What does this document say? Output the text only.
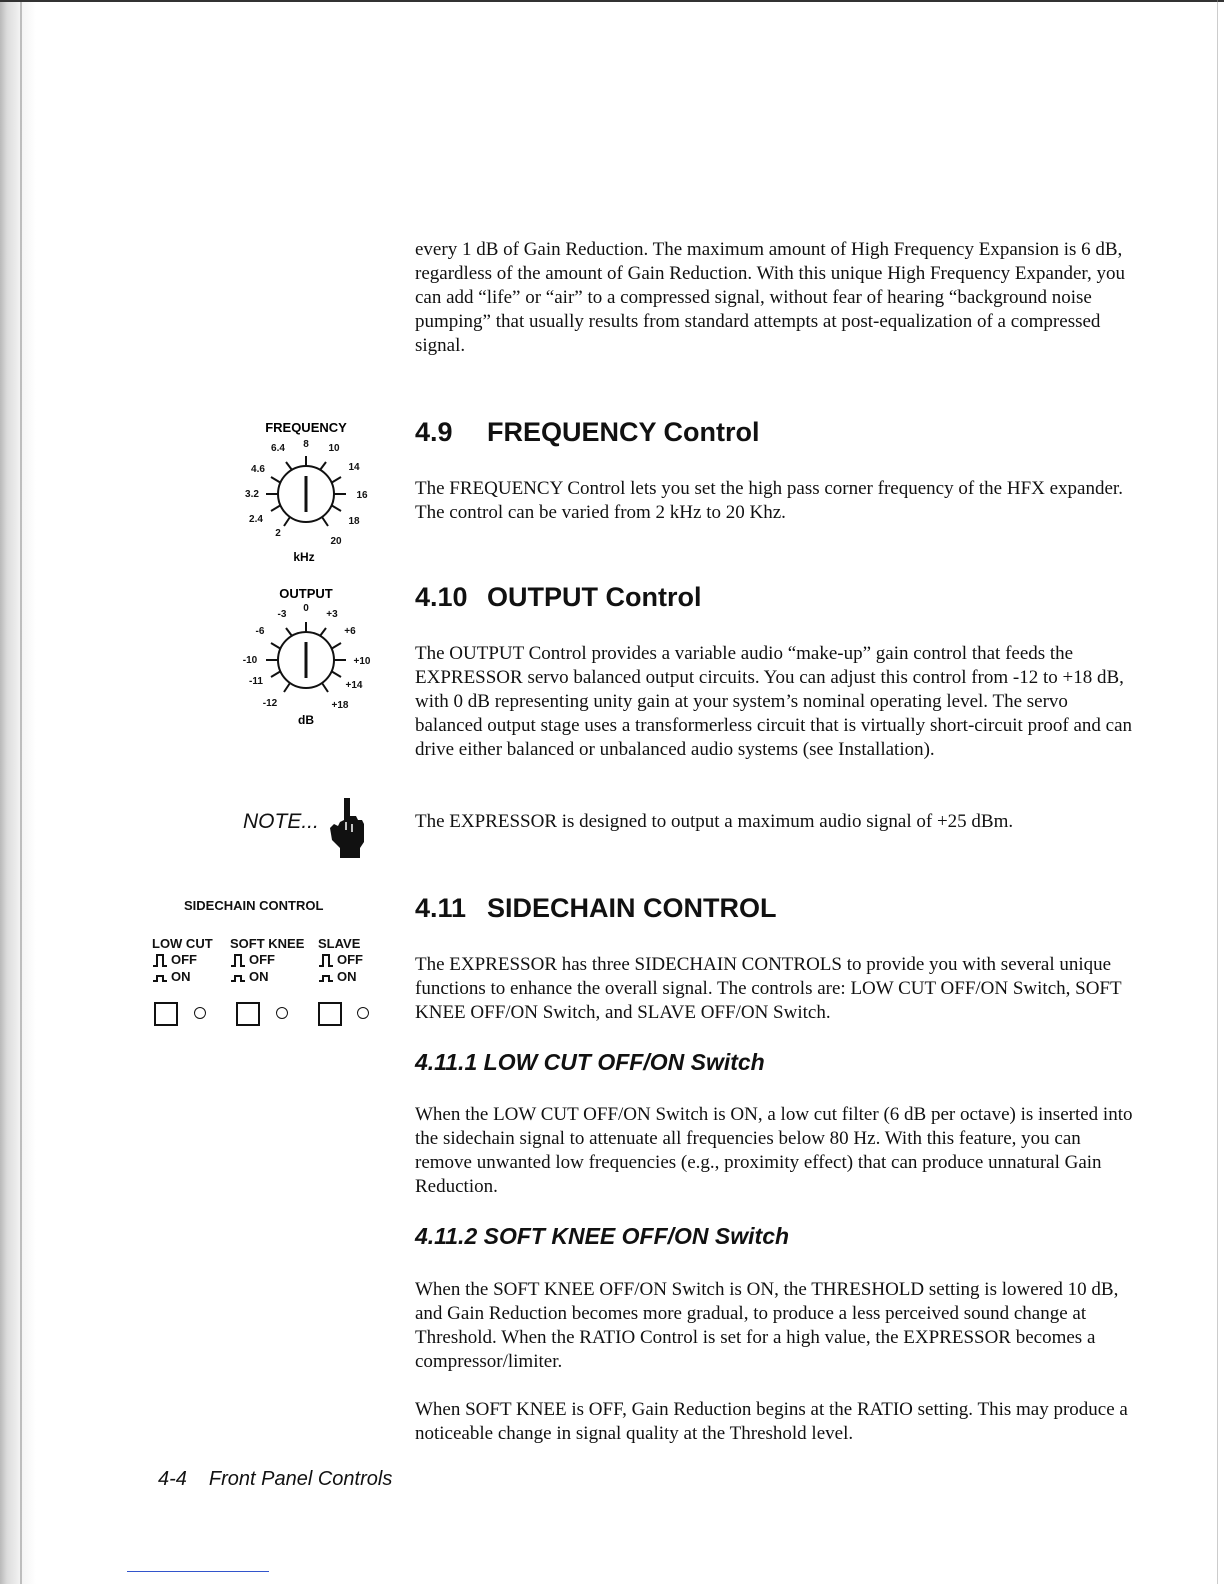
every 1 dB of Gain Reduction. The maximum amount of High Frequency Expansion is 6 dB, regardless of the amount of Gain Reduction. With this unique High Frequency Expander, you can add “life” or “air” to a compressed signal, without fear of hearing “background noise pumping” that usually results from standard attempts at post-equalization of a compressed signal.

4.9 FREQUENCY Control

The FREQUENCY Control lets you set the high pass corner frequency of the HFX expander. The control can be varied from 2 kHz to 20 Khz.

FREQUENCY
2
2.4
3.2
4.6
6.4 8 10
14
16
18
20
kHz
4.10 OUTPUT Control

The OUTPUT Control provides a variable audio “make-up” gain control that feeds the EXPRESSOR servo balanced output circuits. You can adjust this control from -12 to +18 dB, with 0 dB representing unity gain at your system’s nominal operating level. The servo balanced output stage uses a transformerless circuit that is virtually short-circuit proof and can drive either balanced or unbalanced audio systems (see Installation).

OUTPUT
-12
-11
-10
-6
-3
0
+3
+6
+10
+14
+18
dB
NOTE...	The EXPRESSOR is designed to output a maximum audio signal of +25 dBm.

4.11 SIDECHAIN CONTROL

The EXPRESSOR has three SIDECHAIN CONTROLS to provide you with several unique functions to enhance the overall signal. The controls are: LOW CUT OFF/ON Switch, SOFT KNEE OFF/ON Switch, and SLAVE OFF/ON Switch.

SIDECHAIN CONTROL
LOW CUT
OFF
ON
SOFT KNEE
OFF
ON
SLAVE
OFF
ON
4.11.1 LOW CUT OFF/ON Switch

When the LOW CUT OFF/ON Switch is ON, a low cut filter (6 dB per octave) is inserted into the sidechain signal to attenuate all frequencies below 80 Hz. With this feature, you can remove unwanted low frequencies (e.g., proximity effect) that can produce unnatural Gain Reduction.

4.11.2 SOFT KNEE OFF/ON Switch

When the SOFT KNEE OFF/ON Switch is ON, the THRESHOLD setting is lowered 10 dB, and Gain Reduction becomes more gradual, to produce a less perceived sound change at Threshold. When the RATIO Control is set for a high value, the EXPRESSOR becomes a compressor/limiter.

When SOFT KNEE is OFF, Gain Reduction begins at the RATIO setting. This may produce a noticeable change in signal quality at the Threshold level.

4-4 Front Panel Controls
